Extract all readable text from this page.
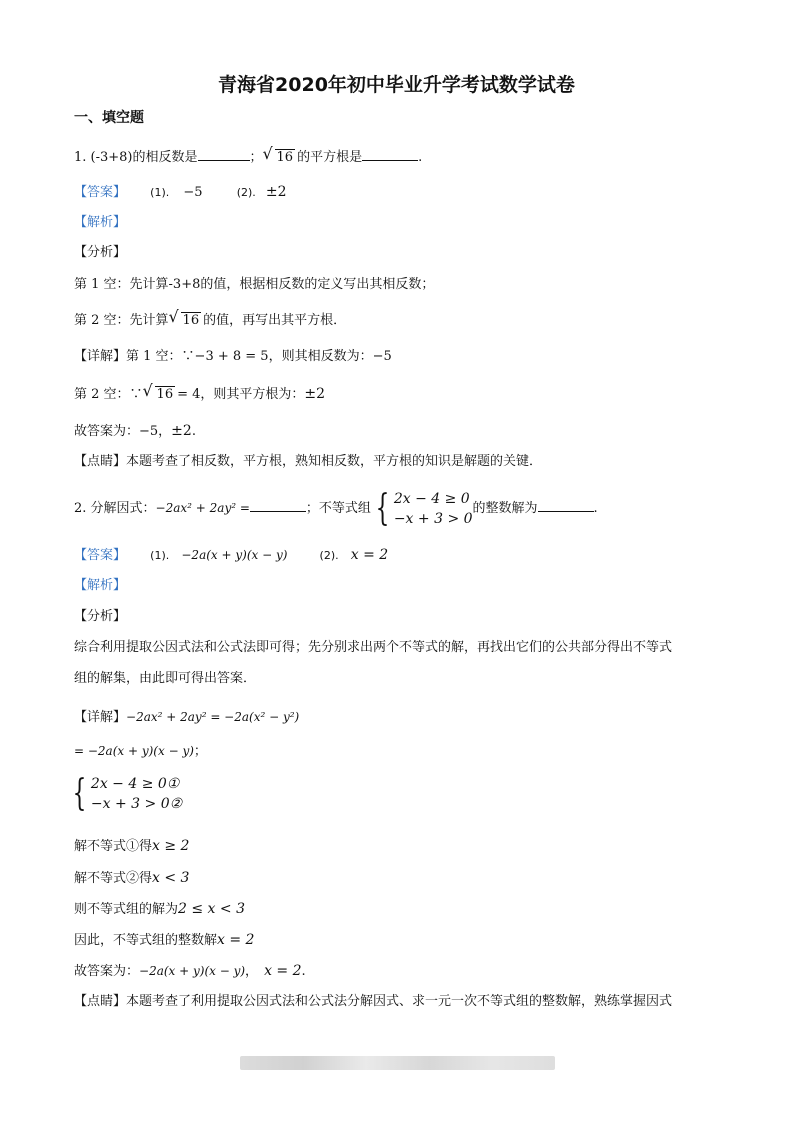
青海省2020年初中毕业升学考试数学试卷
一、填空题
1. (-3+8)的相反数是	； √ 16 的平方根是	.
【答案】 (1). −5	(2). ±2
【解析】
【分析】
第 1 空：先计算-3+8的值，根据相反数的定义写出其相反数；
第 2 空：先计算 √ 16 的值，再写出其平方根．
【详解】第 1 空：∵−3 + 8 = 5，则其相反数为：−5
第 2 空：∵ √ 16 = 4，则其平方根为：±2
故答案为：−5，±2.
【点睛】本题考查了相反数，平方根，熟知相反数，平方根的知识是解题的关键．
2. 分解因式：−2ax² + 2ay² =	；不等式组 { 2x − 4 ≥ 0
−x + 3 > 0
的整数解为	.
【答案】 (1). −2a(x + y)(x − y)	(2). x = 2
【解析】
【分析】
综合利用提取公因式法和公式法即可得；先分别求出两个不等式的解，再找出它们的公共部分得出不等式
组的解集，由此即可得出答案．
【详解】−2ax² + 2ay² = −2a(x² − y²)
= −2a(x + y)(x − y)；
{ 2x − 4 ≥ 0①
−x + 3 > 0②
解不等式①得x ≥ 2
解不等式②得x < 3
则不等式组的解为2 ≤ x < 3
因此，不等式组的整数解x = 2
故答案为：−2a(x + y)(x − y)， x = 2.
【点睛】本题考查了利用提取公因式法和公式法分解因式、求一元一次不等式组的整数解，熟练掌握因式
